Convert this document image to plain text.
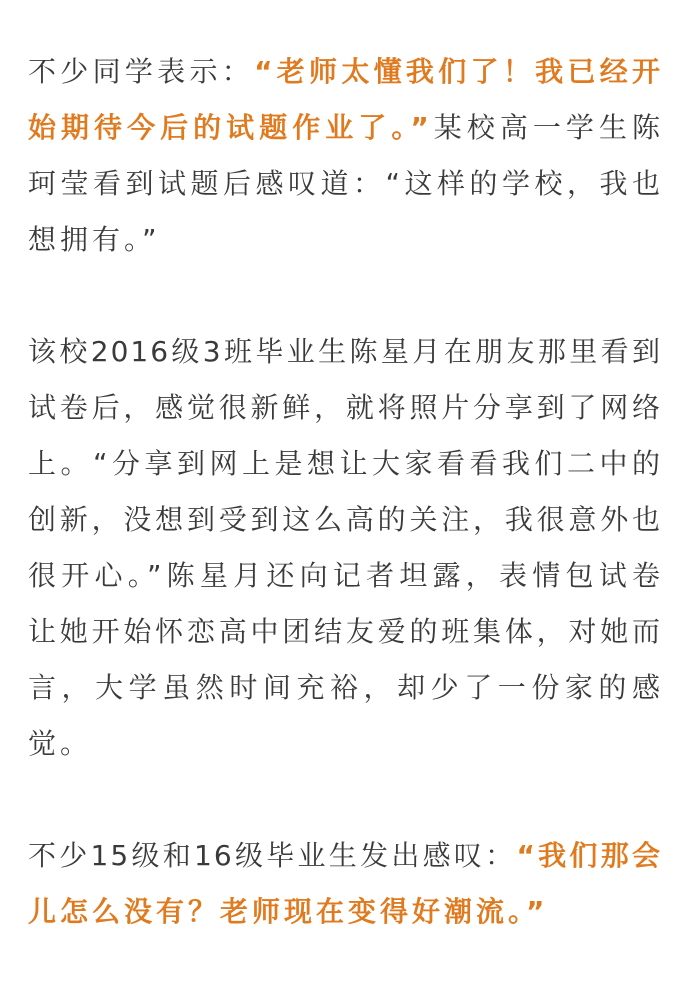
不少同学表示：“老师太懂我们了！我已经开
始期待今后的试题作业了。”某校高一学生陈
珂莹看到试题后感叹道：“这样的学校，我也
想拥有。”
该校2016级3班毕业生陈星月在朋友那里看到
试卷后，感觉很新鲜，就将照片分享到了网络
上。“分享到网上是想让大家看看我们二中的
创新，没想到受到这么高的关注，我很意外也
很开心。”陈星月还向记者坦露，表情包试卷
让她开始怀恋高中团结友爱的班集体，对她而
言，大学虽然时间充裕，却少了一份家的感
觉。
不少15级和16级毕业生发出感叹：“我们那会
儿怎么没有？老师现在变得好潮流。”
